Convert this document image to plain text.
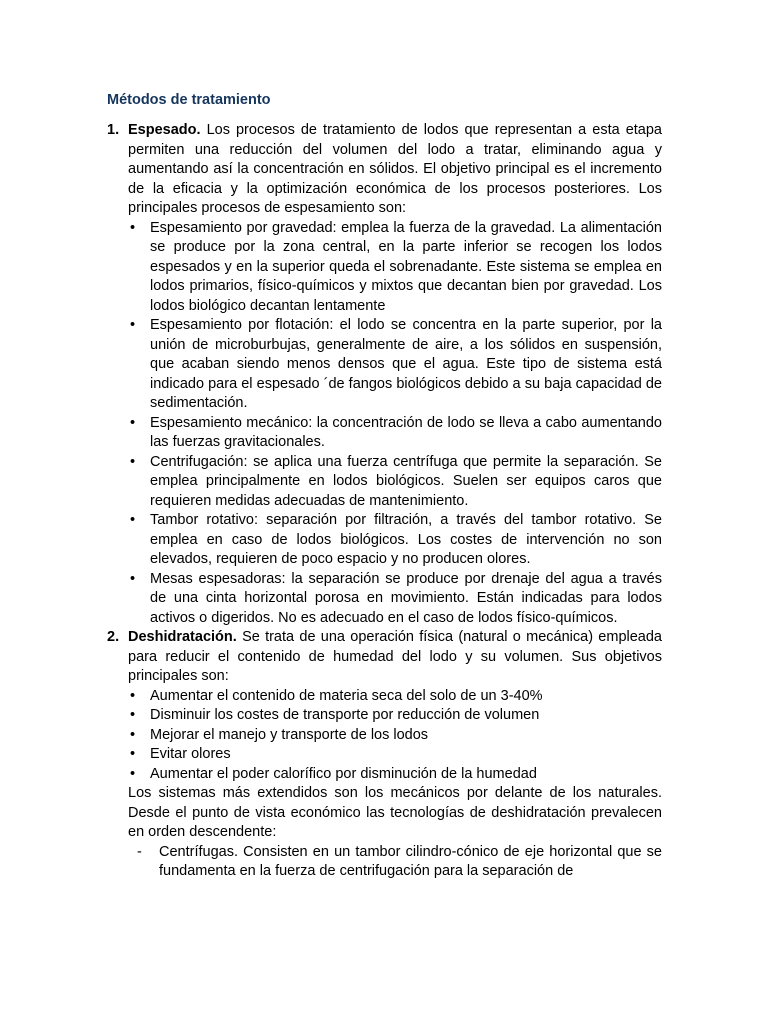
Métodos de tratamiento
1. Espesado. Los procesos de tratamiento de lodos que representan a esta etapa permiten una reducción del volumen del lodo a tratar, eliminando agua y aumentando así la concentración en sólidos. El objetivo principal es el incremento de la eficacia y la optimización económica de los procesos posteriores. Los principales procesos de espesamiento son:
• Espesamiento por gravedad: emplea la fuerza de la gravedad. La alimentación se produce por la zona central, en la parte inferior se recogen los lodos espesados y en la superior queda el sobrenadante. Este sistema se emplea en lodos primarios, físico-químicos y mixtos que decantan bien por gravedad. Los lodos biológico decantan lentamente
• Espesamiento por flotación: el lodo se concentra en la parte superior, por la unión de microburbujas, generalmente de aire, a los sólidos en suspensión, que acaban siendo menos densos que el agua. Este tipo de sistema está indicado para el espesado ´de fangos biológicos debido a su baja capacidad de sedimentación.
• Espesamiento mecánico: la concentración de lodo se lleva a cabo aumentando las fuerzas gravitacionales.
• Centrifugación: se aplica una fuerza centrífuga que permite la separación. Se emplea principalmente en lodos biológicos. Suelen ser equipos caros que requieren medidas adecuadas de mantenimiento.
• Tambor rotativo: separación por filtración, a través del tambor rotativo. Se emplea en caso de lodos biológicos. Los costes de intervención no son elevados, requieren de poco espacio y no producen olores.
• Mesas espesadoras: la separación se produce por drenaje del agua a través de una cinta horizontal porosa en movimiento. Están indicadas para lodos activos o digeridos. No es adecuado en el caso de lodos físico-químicos.
2. Deshidratación. Se trata de una operación física (natural o mecánica) empleada para reducir el contenido de humedad del lodo y su volumen. Sus objetivos principales son:
• Aumentar el contenido de materia seca del solo de un 3-40%
• Disminuir los costes de transporte por reducción de volumen
• Mejorar el manejo y transporte de los lodos
• Evitar olores
• Aumentar el poder calorífico por disminución de la humedad
Los sistemas más extendidos son los mecánicos por delante de los naturales. Desde el punto de vista económico las tecnologías de deshidratación prevalecen en orden descendente:
- Centrífugas. Consisten en un tambor cilindro-cónico de eje horizontal que se fundamenta en la fuerza de centrifugación para la separación de
